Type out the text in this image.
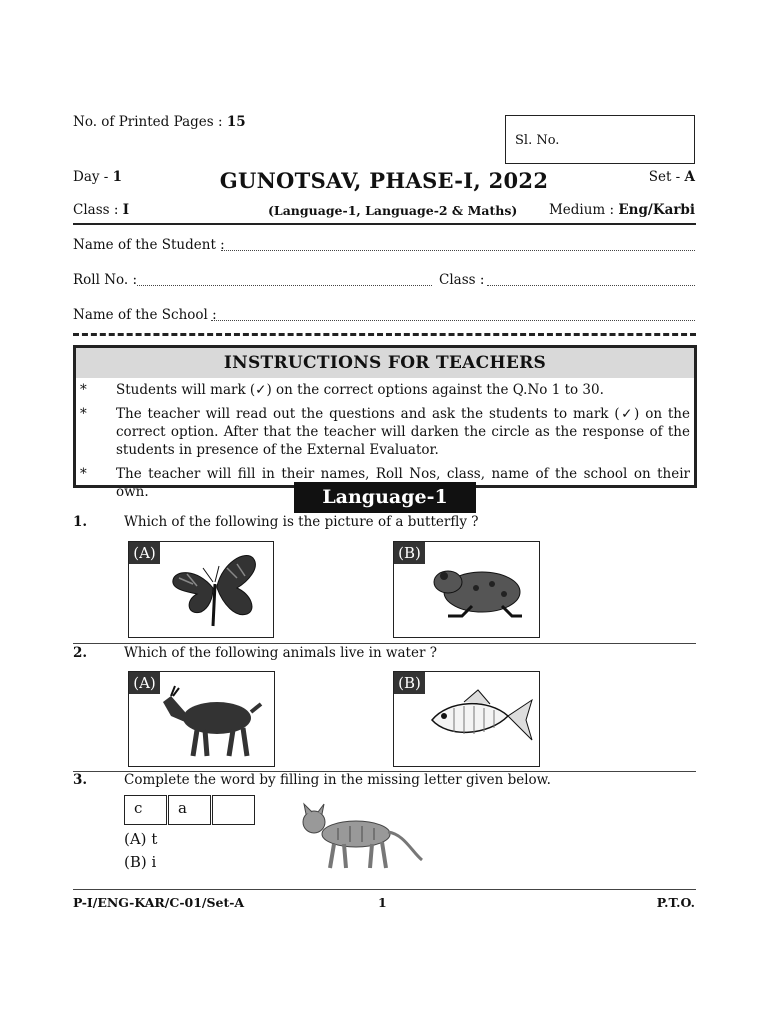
No. of Printed Pages : 15
Sl. No.
Day - 1	GUNOTSAV, PHASE-I, 2022	Set - A
Class : I	(Language-1, Language-2 & Maths) Medium : Eng/Karbi
Name of the Student :
Roll No. :	Class :
Name of the School :
INSTRUCTIONS FOR TEACHERS
* Students will mark (✓) on the correct options against the Q.No 1 to 30.
* The teacher will read out the questions and ask the students to mark (✓) on the correct option. After that the teacher will darken the circle as the response of the students in presence of the External Evaluator.
* The teacher will fill in their names, Roll Nos, class, name of the school on their own.	Language-1
1.	Which of the following is the picture of a butterfly ?
(A)	(B)
2.	Which of the following animals live in water ?
(A)	(B)
3.	Complete the word by filling in the missing letter given below.
c a
(A) t
(B) i
P-I/ENG-KAR/C-01/Set-A	1	P.T.O.
